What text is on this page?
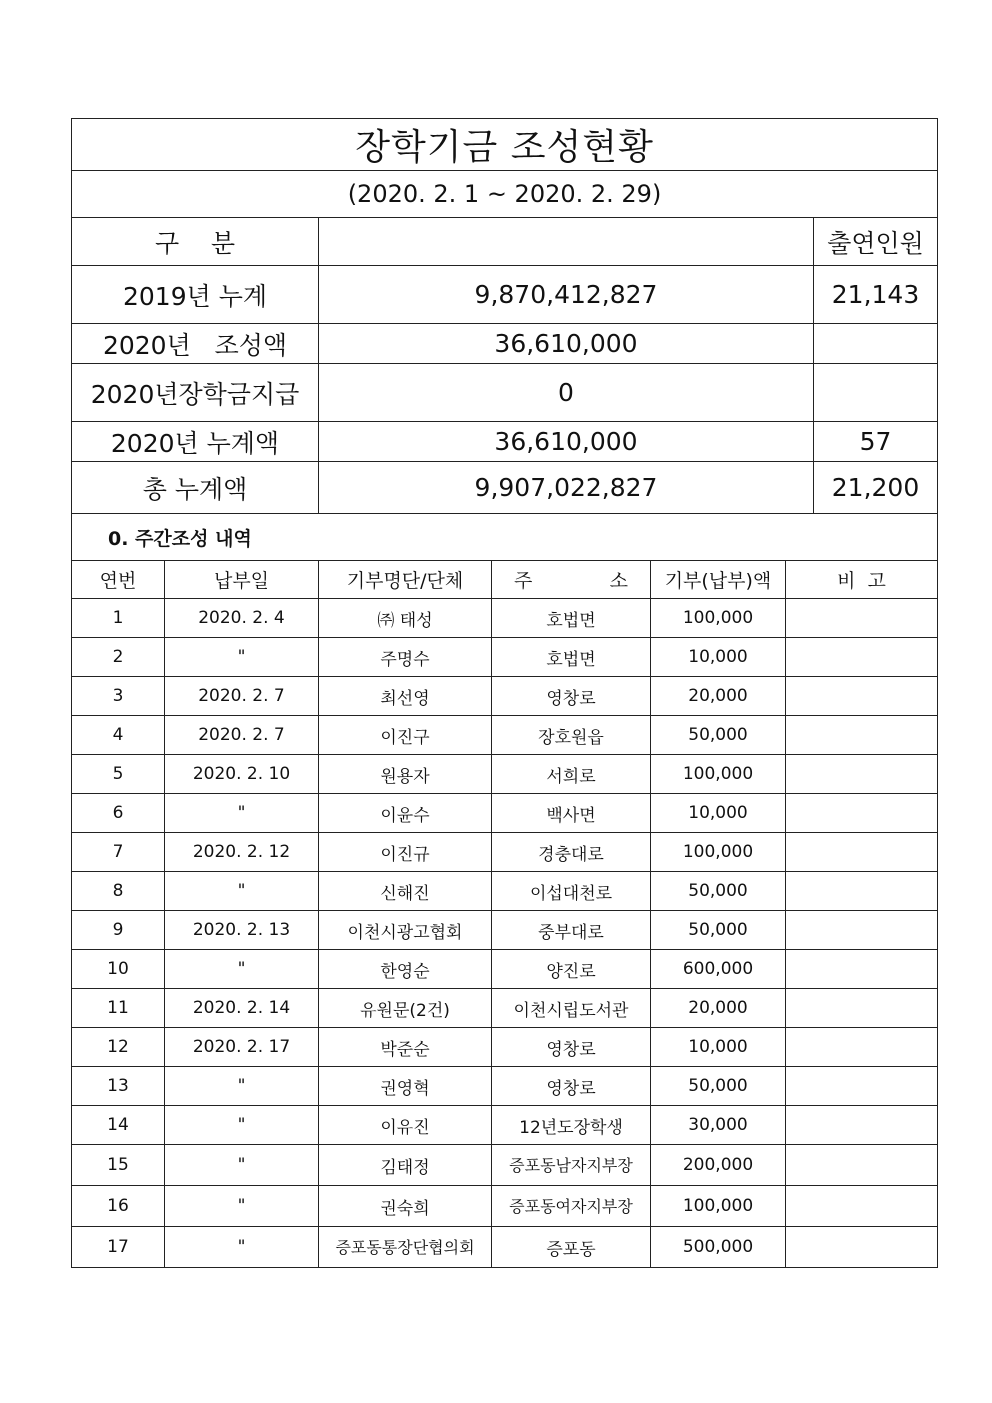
장학기금 조성현황		
(2020. 2. 1 ~ 2020. 2. 29)		
구    분		출연인원
2019년 누계	9,870,412,827	21,143
2020년   조성액	36,610,000	
2020년장학금지급	0	
2020년 누계액	36,610,000	57
총 누계액	9,907,022,827	21,200
0. 주간조성 내역		
연번	납부일	기부명단/단체	주 소	기부(납부)액	비  고
1	2020. 2. 4	㈜ 태성	호법면	100,000	
2	"	주명수	호법면	10,000	
3	2020. 2. 7	최선영	영창로	20,000	
4	2020. 2. 7	이진구	장호원읍	50,000	
5	2020. 2. 10	원용자	서희로	100,000	
6	"	이윤수	백사면	10,000	
7	2020. 2. 12	이진규	경충대로	100,000	
8	"	신해진	이섭대천로	50,000	
9	2020. 2. 13	이천시광고협회	중부대로	50,000	
10	"	한영순	양진로	600,000	
11	2020. 2. 14	유원문(2건)	이천시립도서관	20,000	
12	2020. 2. 17	박준순	영창로	10,000	
13	"	권영혁	영창로	50,000	
14	"	이유진	12년도장학생	30,000	
15	"	김태정	증포동남자지부장	200,000	
16	"	권숙희	증포동여자지부장	100,000	
17	"	증포동통장단협의회	증포동	500,000	
